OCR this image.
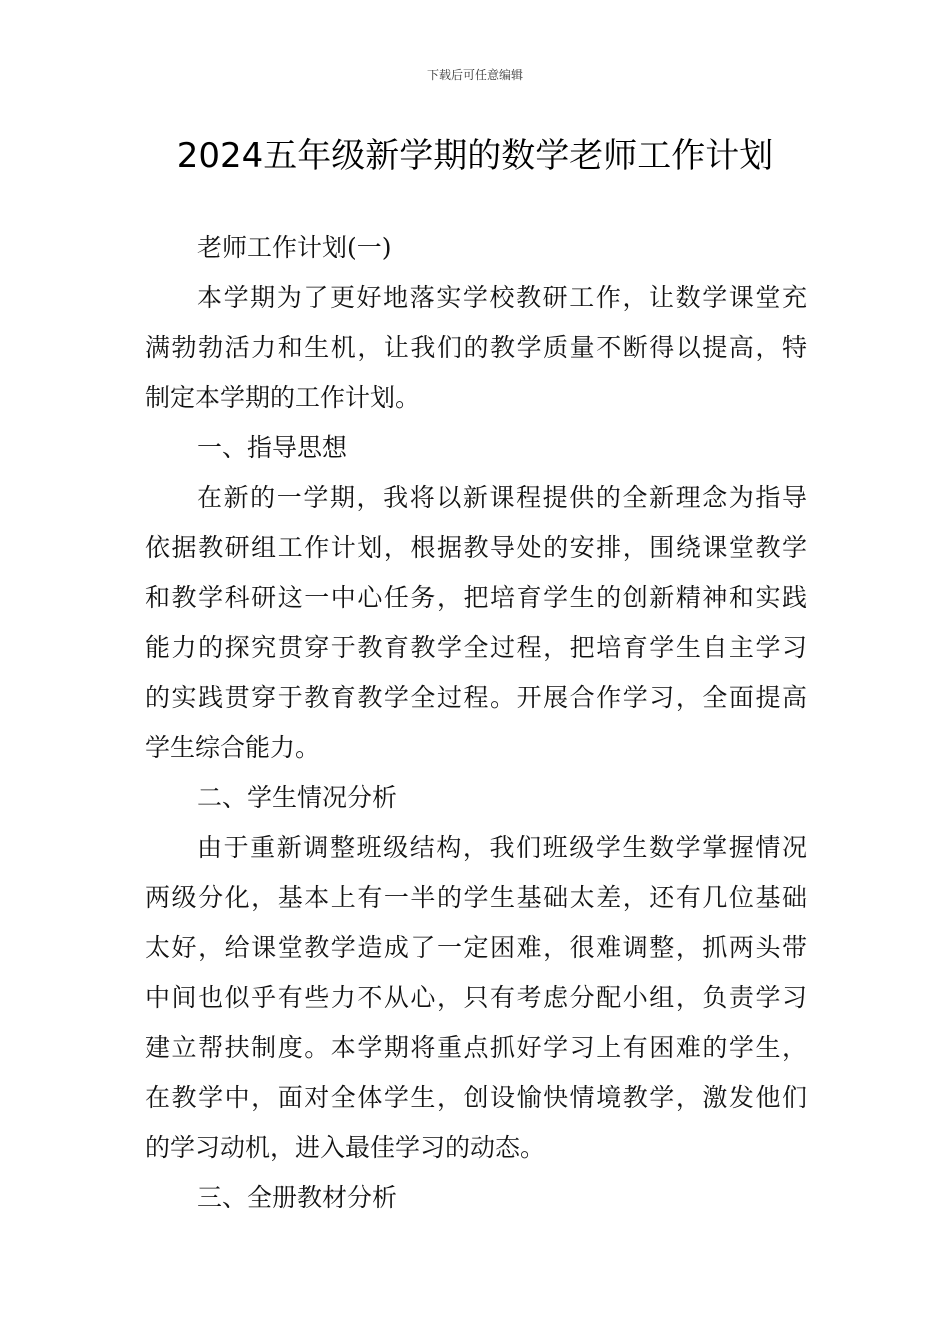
下载后可任意编辑
2024五年级新学期的数学老师工作计划
老师工作计划(一)
本学期为了更好地落实学校教研工作，让数学课堂充
满勃勃活力和生机，让我们的教学质量不断得以提高，特
制定本学期的工作计划。
一、指导思想
在新的一学期，我将以新课程提供的全新理念为指导
依据教研组工作计划，根据教导处的安排，围绕课堂教学
和教学科研这一中心任务，把培育学生的创新精神和实践
能力的探究贯穿于教育教学全过程，把培育学生自主学习
的实践贯穿于教育教学全过程。开展合作学习，全面提高
学生综合能力。
二、学生情况分析
由于重新调整班级结构，我们班级学生数学掌握情况
两级分化，基本上有一半的学生基础太差，还有几位基础
太好，给课堂教学造成了一定困难，很难调整，抓两头带
中间也似乎有些力不从心，只有考虑分配小组，负责学习
建立帮扶制度。本学期将重点抓好学习上有困难的学生，
在教学中，面对全体学生，创设愉快情境教学，激发他们
的学习动机，进入最佳学习的动态。
三、全册教材分析
